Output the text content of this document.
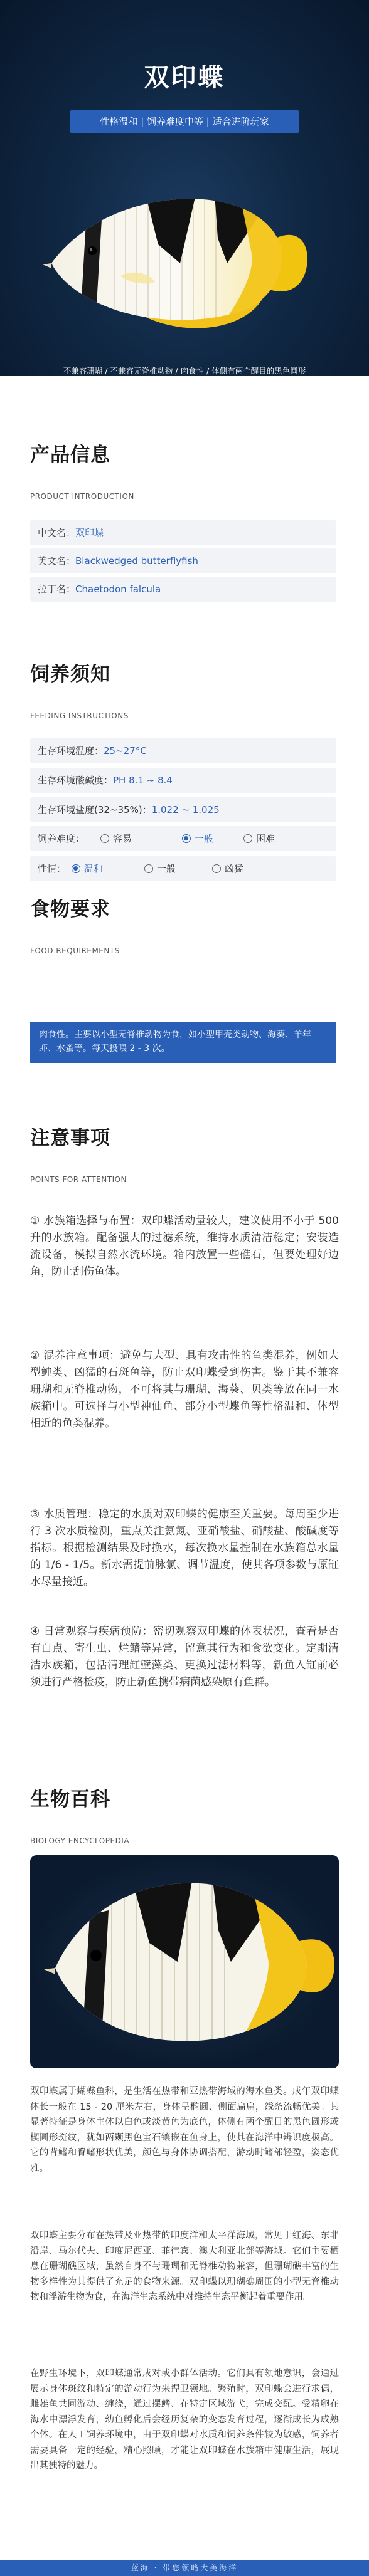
双印蝶
性格温和 | 饲养难度中等 | 适合进阶玩家
不兼容珊瑚 / 不兼容无脊椎动物 / 肉食性 / 体侧有两个醒目的黑色圆形
产品信息
PRODUCT INTRODUCTION
中文名：双印蝶
英文名：Blackwedged butterflyfish
拉丁名：Chaetodon falcula
饲养须知
FEEDING INSTRUCTIONS
生存环境温度：25~27°C
生存环境酸碱度：PH 8.1 ~ 8.4
生存环境盐度(32~35%)：1.022 ~ 1.025
饲养难度：	容易	一般	困难
性情：	温和	一般	凶猛
食物要求
FOOD REQUIREMENTS
肉食性。主要以小型无脊椎动物为食，如小型甲壳类动物、海葵、羊年虾、水蚤等。每天投喂 2 - 3 次。
注意事项
POINTS FOR ATTENTION
① 水族箱选择与布置：双印蝶活动量较大，建议使用不小于 500 升的水族箱。配备强大的过滤系统，维持水质清洁稳定；安装造流设备，模拟自然水流环境。箱内放置一些礁石，但要处理好边角，防止刮伤鱼体。
② 混养注意事项：避免与大型、具有攻击性的鱼类混养，例如大型鲀类、凶猛的石斑鱼等，防止双印蝶受到伤害。鉴于其不兼容珊瑚和无脊椎动物，不可将其与珊瑚、海葵、贝类等放在同一水族箱中。可选择与小型神仙鱼、部分小型蝶鱼等性格温和、体型相近的鱼类混养。
③ 水质管理：稳定的水质对双印蝶的健康至关重要。每周至少进行 3 次水质检测，重点关注氨氮、亚硝酸盐、硝酸盐、酸碱度等指标。根据检测结果及时换水，每次换水量控制在水族箱总水量的 1/6 - 1/5。新水需提前脉氯、调节温度，使其各项参数与原缸水尽量接近。
④ 日常观察与疾病预防：密切观察双印蝶的体表状况，查看是否有白点、寄生虫、烂鳍等异常，留意其行为和食欲变化。定期清洁水族箱，包括清理缸壁藻类、更换过滤材料等，新鱼入缸前必须进行严格检疫，防止新鱼携带病菌感染原有鱼群。
生物百科
BIOLOGY ENCYCLOPEDIA
双印蝶属于蝴蝶鱼科，是生活在热带和亚热带海域的海水鱼类。成年双印蝶体长一般在 15 - 20 厘米左右，身体呈椭圆、侧面扁扁，线条流畅优美。其显著特征是身体主体以白色或淡黄色为底色，体侧有两个醒目的黑色圆形或楔圆形斑纹，犹如两颗黑色宝石镶嵌在鱼身上，使其在海洋中辨识度极高。它的背鳍和臀鳍形状优美，颜色与身体协调搭配，游动时鳍部轻盈，姿态优雅。
双印蝶主要分布在热带及亚热带的印度洋和太平洋海域，常见于红海、东非沿岸、马尔代夫、印度尼西亚、菲律宾、澳大利亚北部等海域。它们主要栖息在珊瑚礁区域，虽然自身不与珊瑚和无脊椎动物兼容，但珊瑚礁丰富的生物多样性为其提供了充足的食物来源。双印蝶以珊瑚礁周围的小型无脊椎动物和浮游生物为食，在海洋生态系统中对维持生态平衡起着重要作用。
在野生环境下，双印蝶通常成对或小群体活动。它们具有领地意识，会通过展示身体斑纹和特定的游动行为来捍卫领地。繁殖时，双印蝶会进行求偶，雌雄鱼共同游动、缠绕，通过摆鳍、在特定区域游弋，完成交配。受精卵在海水中漂浮发育，幼鱼孵化后会经历复杂的变态发育过程，逐渐成长为成熟个体。在人工饲养环境中，由于双印蝶对水质和饲养条件较为敏感，饲养者需要具备一定的经验，精心照顾，才能让双印蝶在水族箱中健康生活，展现出其独特的魅力。
蓝海 · 带您领略大美海洋
